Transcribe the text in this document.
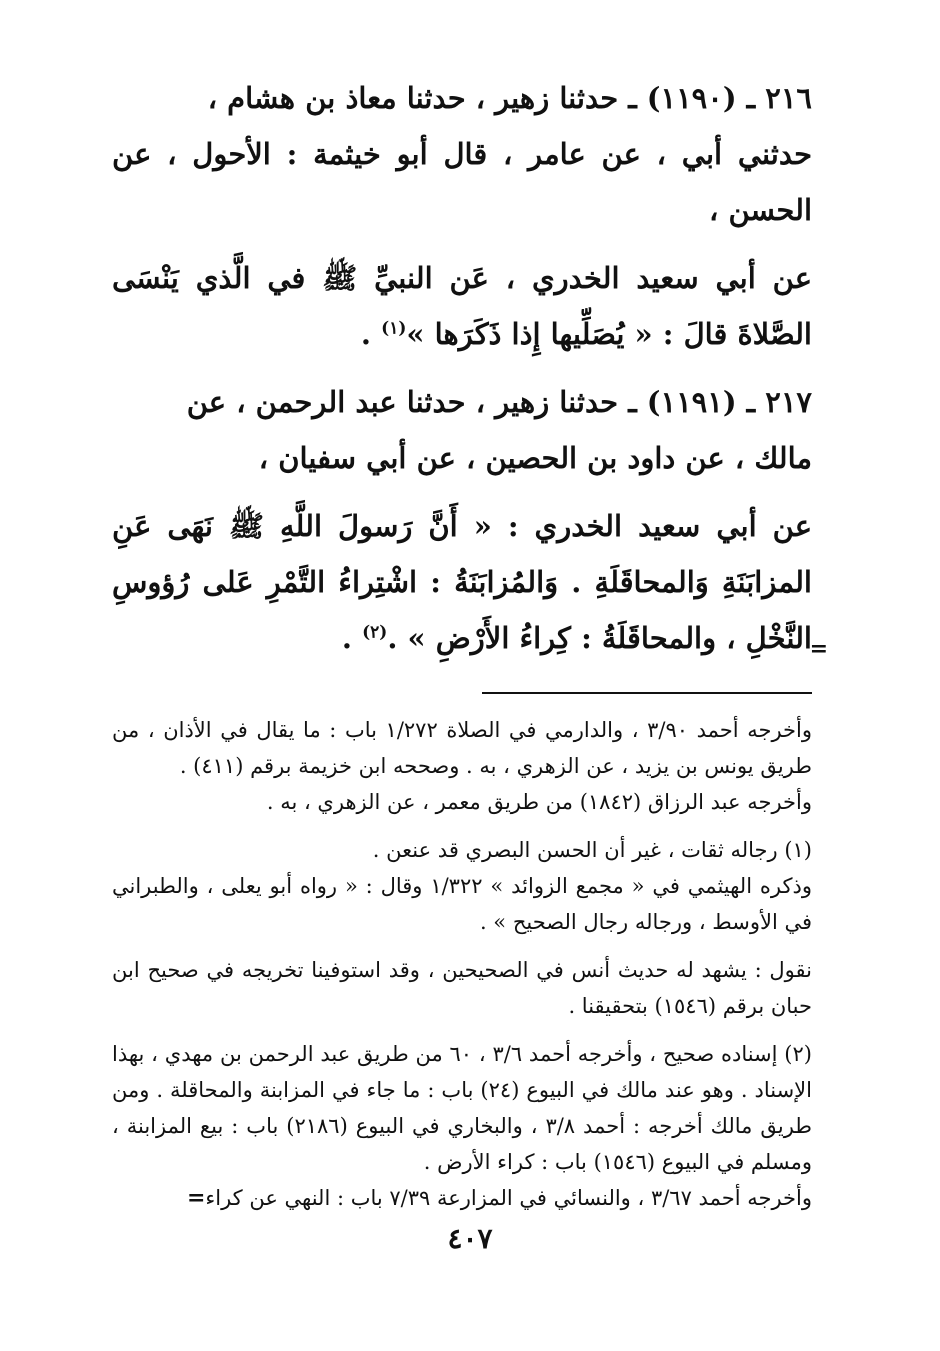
٢١٦ ـ (١١٩٠) ـ حدثنا زهير ، حدثنا معاذ بن هشام ،
حدثني أبي ، عن عامر ، قال أبو خيثمة : الأحول ، عن الحسن ،

عن أبي سعيد الخدري ، عَن النبيِّ ﷺ في الَّذي يَنْسَى الصَّلاةَ قالَ : « يُصَلِّيها إِذا ذَكَرَها »$^{(١)}$ .

٢١٧ ـ (١١٩١) ـ حدثنا زهير ، حدثنا عبد الرحمن ، عن
مالك ، عن داود بن الحصين ، عن أبي سفيان ،

عن أبي سعيد الخدري : « أَنَّ رَسولَ اللَّهِ ﷺ نَهَى عَنِ المزابَنَةِ وَالمحاقَلَةِ . وَالمُزابَنَةُ : اشْتِراءُ التَّمْرِ عَلى رُؤوسِ النَّخْلِ ، والمحاقَلَةُ : كِراءُ الأَرْضِ » .$^{(٢)}$ .

وأخرجه أحمد ٣/٩٠ ، والدارمي في الصلاة ١/٢٧٢ باب : ما يقال في الأذان ، من طريق يونس بن يزيد ، عن الزهري ، به . وصححه ابن خزيمة برقم (٤١١) .

وأخرجه عبد الرزاق (١٨٤٢) من طريق معمر ، عن الزهري ، به .

(١) رجاله ثقات ، غير أن الحسن البصري قد عنعن .

وذكره الهيثمي في « مجمع الزوائد » ١/٣٢٢ وقال : « رواه أبو يعلى ، والطبراني في الأوسط ، ورجاله رجال الصحيح » .

نقول : يشهد له حديث أنس في الصحيحين ، وقد استوفينا تخريجه في صحيح ابن حبان برقم (١٥٤٦) بتحقيقنا .

(٢) إسناده صحيح ، وأخرجه أحمد ٣/٦ ، ٦٠ من طريق عبد الرحمن بن مهدي ، بهذا الإسناد . وهو عند مالك في البيوع (٢٤) باب : ما جاء في المزابنة والمحاقلة . ومن طريق مالك أخرجه : أحمد ٣/٨ ، والبخاري في البيوع (٢١٨٦) باب : بيع المزابنة ، ومسلم في البيوع (١٥٤٦) باب : كراء الأرض .

وأخرجه أحمد ٣/٦٧ ، والنسائي في المزارعة ٧/٣٩ باب : النهي عن كراء=

=
٤٠٧
